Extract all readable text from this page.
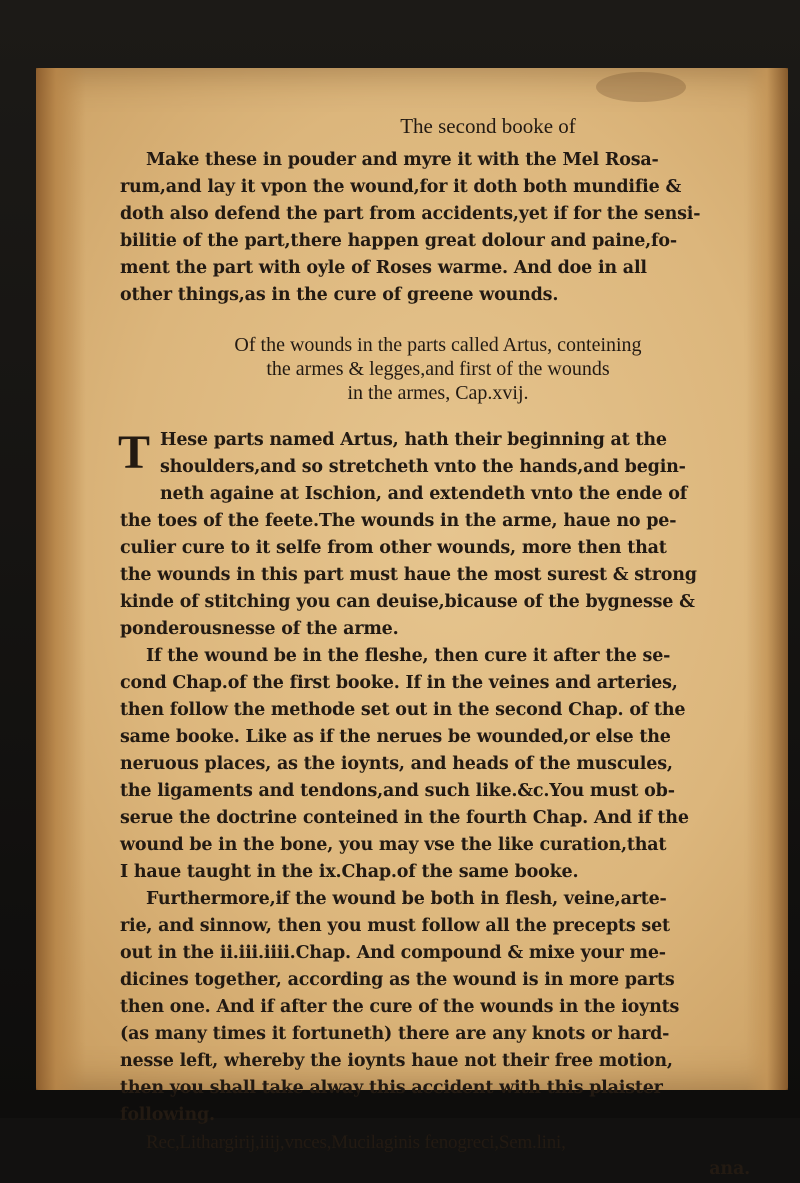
The second booke of
Make these in pouder and myre it with the Mel Rosa-
rum,and lay it vpon the wound,for it doth both mundifie &
doth also defend the part from accidents,yet if for the sensi-
bilitie of the part,there happen great dolour and paine,fo-
ment the part with oyle of Roses warme. And doe in all
other things,as in the cure of greene wounds.
Of the wounds in the parts called Artus, conteining
the armes & legges,and first of the wounds
in the armes, Cap.xvij.
T Hese parts named Artus, hath their beginning at the
shoulders,and so stretcheth vnto the hands,and begin-
neth againe at Ischion, and extendeth vnto the ende of
the toes of the feete.The wounds in the arme, haue no pe-
culier cure to it selfe from other wounds, more then that
the wounds in this part must haue the most surest & strong
kinde of stitching you can deuise,bicause of the bygnesse &
ponderousnesse of the arme.
If the wound be in the fleshe, then cure it after the se-
cond Chap.of the first booke. If in the veines and arteries,
then follow the methode set out in the second Chap. of the
same booke. Like as if the nerues be wounded,or else the
neruous places, as the ioynts, and heads of the muscules,
the ligaments and tendons,and such like.&c.You must ob-
serue the doctrine conteined in the fourth Chap. And if the
wound be in the bone, you may vse the like curation,that
I haue taught in the ix.Chap.of the same booke.
Furthermore,if the wound be both in flesh, veine,arte-
rie, and sinnow, then you must follow all the precepts set
out in the ii.iii.iiii.Chap. And compound & mixe your me-
dicines together, according as the wound is in more parts
then one. And if after the cure of the wounds in the ioynts
(as many times it fortuneth) there are any knots or hard-
nesse left, whereby the ioynts haue not their free motion,
then you shall take alway this accident with this plaister
following.
Rec,Lithargirij,iiij,vnces,Mucilaginis fenogreci,Sem.lini,
ana.
